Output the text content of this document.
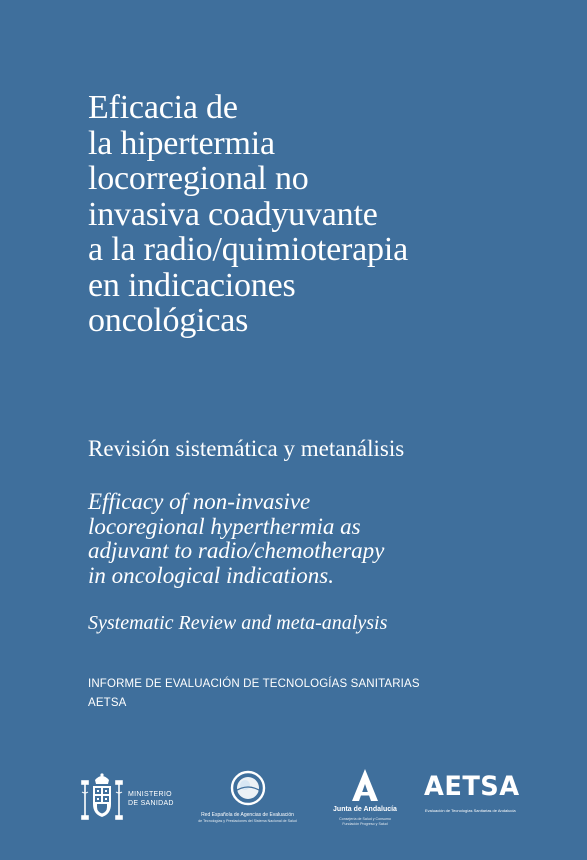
Eficacia de
la hipertermia
locorregional no
invasiva coadyuvante
a la radio/quimioterapia
en indicaciones
oncológicas
Revisión sistemática y metanálisis

Efficacy of non-invasive
locoregional hyperthermia as
adjuvant to radio/chemotherapy
in oncological indications.

Systematic Review and meta-analysis

INFORME DE EVALUACIÓN DE TECNOLOGÍAS SANITARIAS
AETSA
MINISTERIO
DE SANIDAD
Red Española de Agencias de Evaluación
de Tecnologías y Prestaciones del Sistema Nacional de Salud
Junta de Andalucía
Consejería de Salud y Consumo
Fundación Progreso y Salud
AETSA
Evaluación de Tecnologías Sanitarias de Andalucía
